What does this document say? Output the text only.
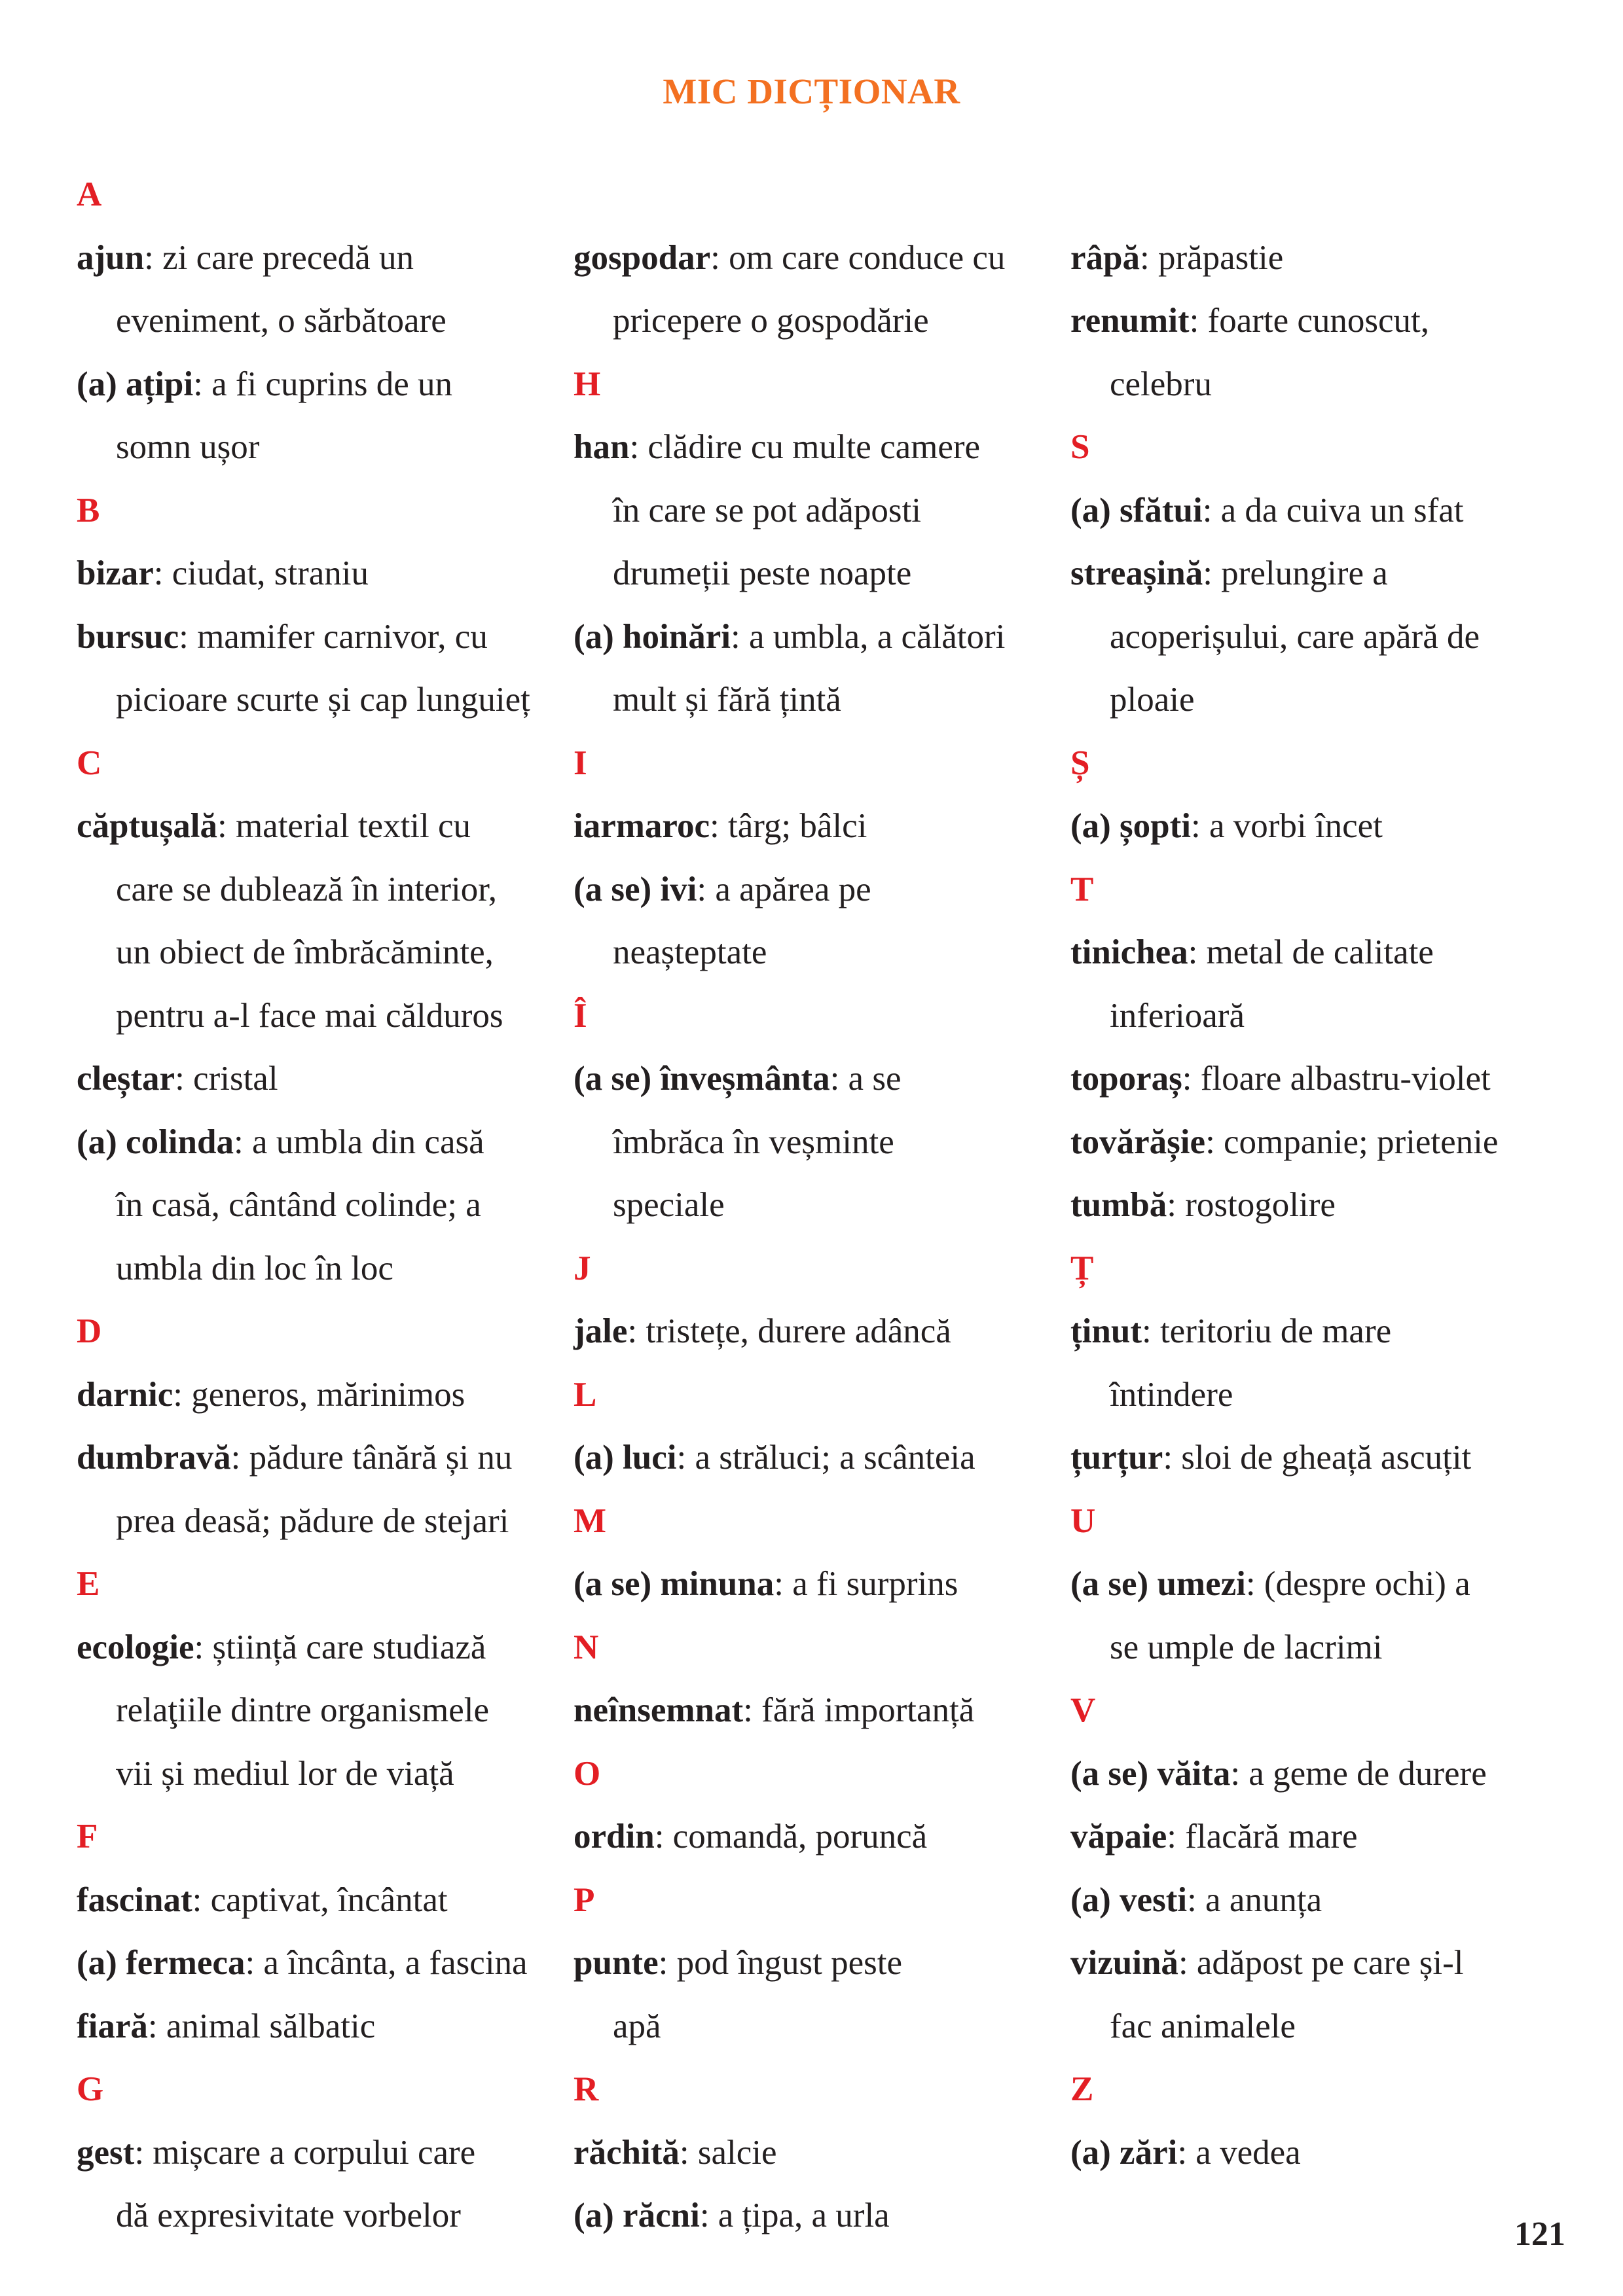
MIC DICȚIONAR
A
ajun: zi care precedă un
eveniment, o sărbătoare
(a) ațipi: a fi cuprins de un
somn ușor
B
bizar: ciudat, straniu
bursuc: mamifer carnivor, cu
picioare scurte și cap lunguieț
C
căptușală: material textil cu
care se dublează în interior,
un obiect de îmbrăcăminte,
pentru a-l face mai călduros
cleștar: cristal
(a) colinda: a umbla din casă
în casă, cântând colinde; a
umbla din loc în loc
D
darnic: generos, mărinimos
dumbravă: pădure tânără și nu
prea deasă; pădure de stejari
E
ecologie: știință care studiază
relaţiile dintre organismele
vii și mediul lor de viață
F
fascinat: captivat, încântat
(a) fermeca: a încânta, a fascina
fiară: animal sălbatic
G
gest: mișcare a corpului care
dă expresivitate vorbelor
gospodar: om care conduce cu
pricepere o gospodărie
H
han: clădire cu multe camere
în care se pot adăposti
drumeții peste noapte
(a) hoinări: a umbla, a călători
mult și fără țintă
I
iarmaroc: târg; bâlci
(a se) ivi: a apărea pe
neașteptate
Î
(a se) înveșmânta: a se
îmbrăca în veșminte
speciale
J
jale: tristețe, durere adâncă
L
(a) luci: a străluci; a scânteia
M
(a se) minuna: a fi surprins
N
neînsemnat: fără importanță
O
ordin: comandă, poruncă
P
punte: pod îngust peste
apă
R
răchită: salcie
(a) răcni: a țipa, a urla
râpă: prăpastie
renumit: foarte cunoscut,
celebru
S
(a) sfătui: a da cuiva un sfat
streașină: prelungire a
acoperișului, care apără de
ploaie
Ș
(a) șopti: a vorbi încet
T
tinichea: metal de calitate
inferioară
toporaș: floare albastru-violet
tovărășie: companie; prietenie
tumbă: rostogolire
Ț
ținut: teritoriu de mare
întindere
țurțur: sloi de gheață ascuțit
U
(a se) umezi: (despre ochi) a
se umple de lacrimi
V
(a se) văita: a geme de durere
văpaie: flacără mare
(a) vesti: a anunța
vizuină: adăpost pe care și-l
fac animalele
Z
(a) zări: a vedea

121
